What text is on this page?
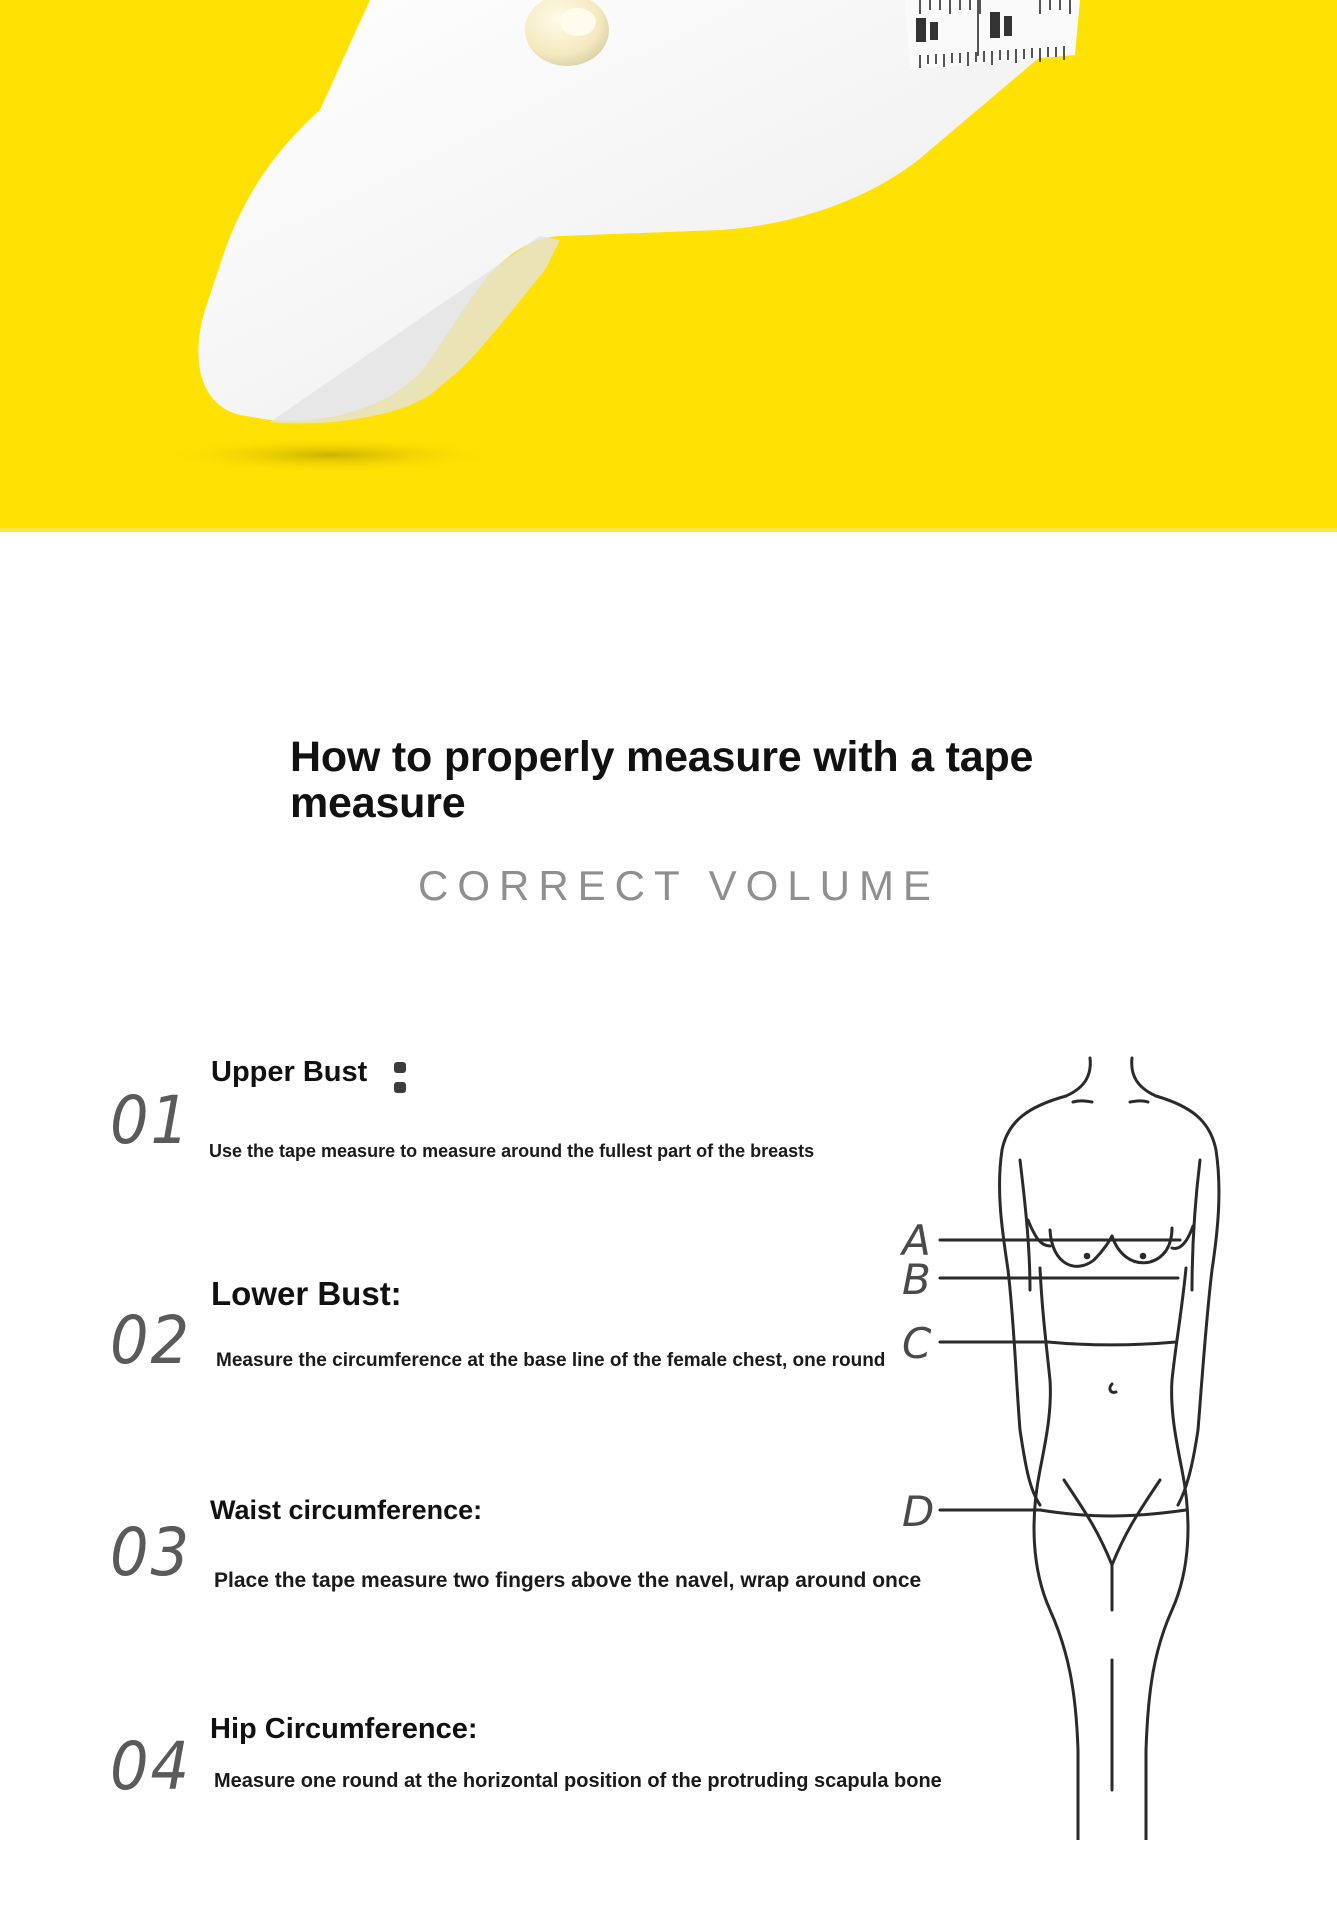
How to properly measure with a tape measure
CORRECT VOLUME
01
Upper Bust
Use the tape measure to measure around the fullest part of the breasts
02
Lower Bust:
Measure the circumference at the base line of the female chest, one round
03
Waist circumference:
Place the tape measure two fingers above the navel, wrap around once
04 Hip Circumference:
Measure one round at the horizontal position of the protruding scapula bone
A
B
C
D
